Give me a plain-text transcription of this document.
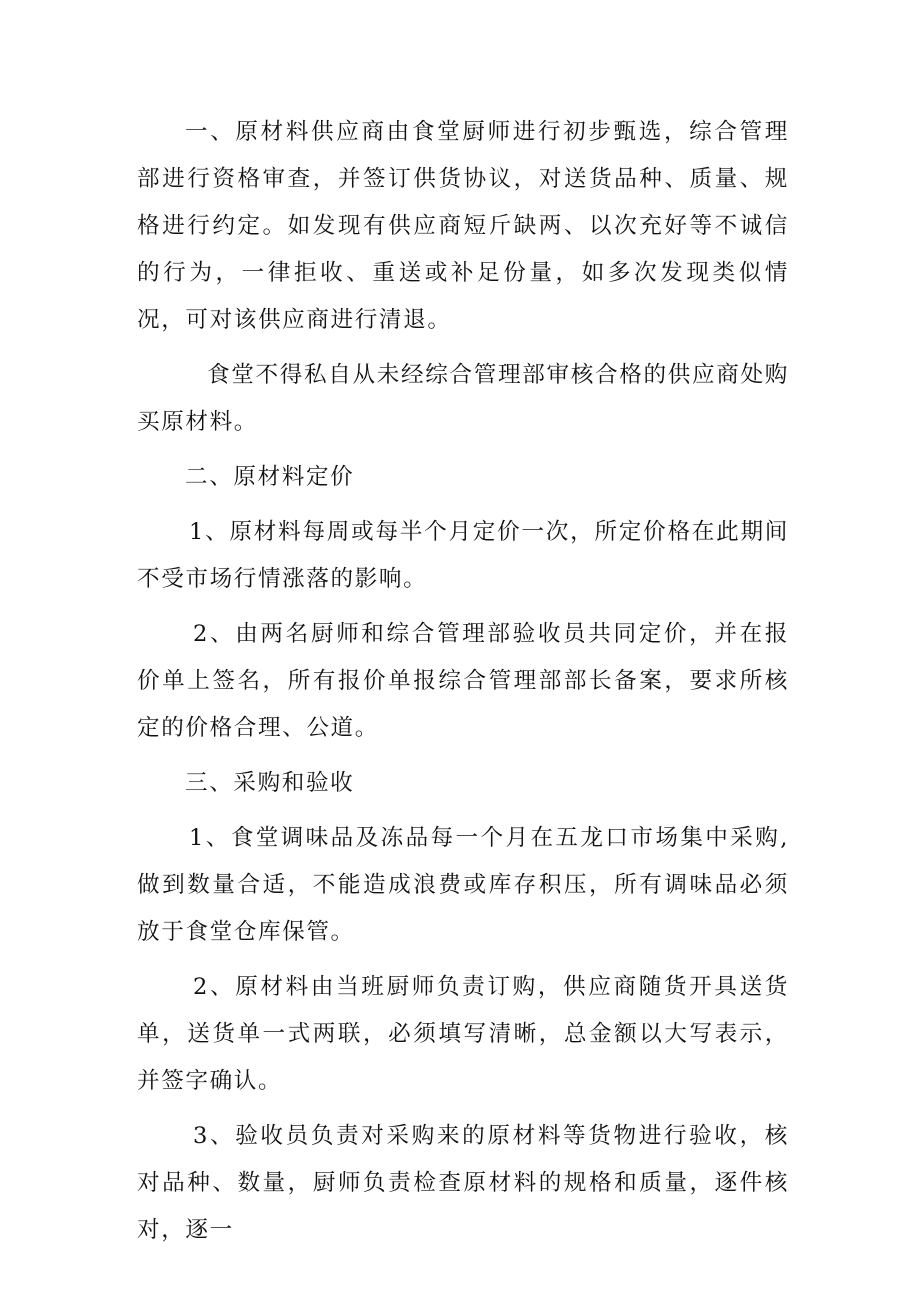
一、原材料供应商由食堂厨师进行初步甄选，综合管理部进行资格审查，并签订供货协议，对送货品种、质量、规格进行约定。如发现有供应商短斤缺两、以次充好等不诚信的行为，一律拒收、重送或补足份量，如多次发现类似情况，可对该供应商进行清退。

食堂不得私自从未经综合管理部审核合格的供应商处购买原材料。

二、原材料定价

1、原材料每周或每半个月定价一次，所定价格在此期间不受市场行情涨落的影响。

2、由两名厨师和综合管理部验收员共同定价，并在报价单上签名，所有报价单报综合管理部部长备案，要求所核定的价格合理、公道。

三、采购和验收

1、食堂调味品及冻品每一个月在五龙口市场集中采购,做到数量合适，不能造成浪费或库存积压，所有调味品必须放于食堂仓库保管。

2、原材料由当班厨师负责订购，供应商随货开具送货单，送货单一式两联，必须填写清晰，总金额以大写表示，并签字确认。

3、验收员负责对采购来的原材料等货物进行验收，核对品种、数量，厨师负责检查原材料的规格和质量，逐件核对，逐一
